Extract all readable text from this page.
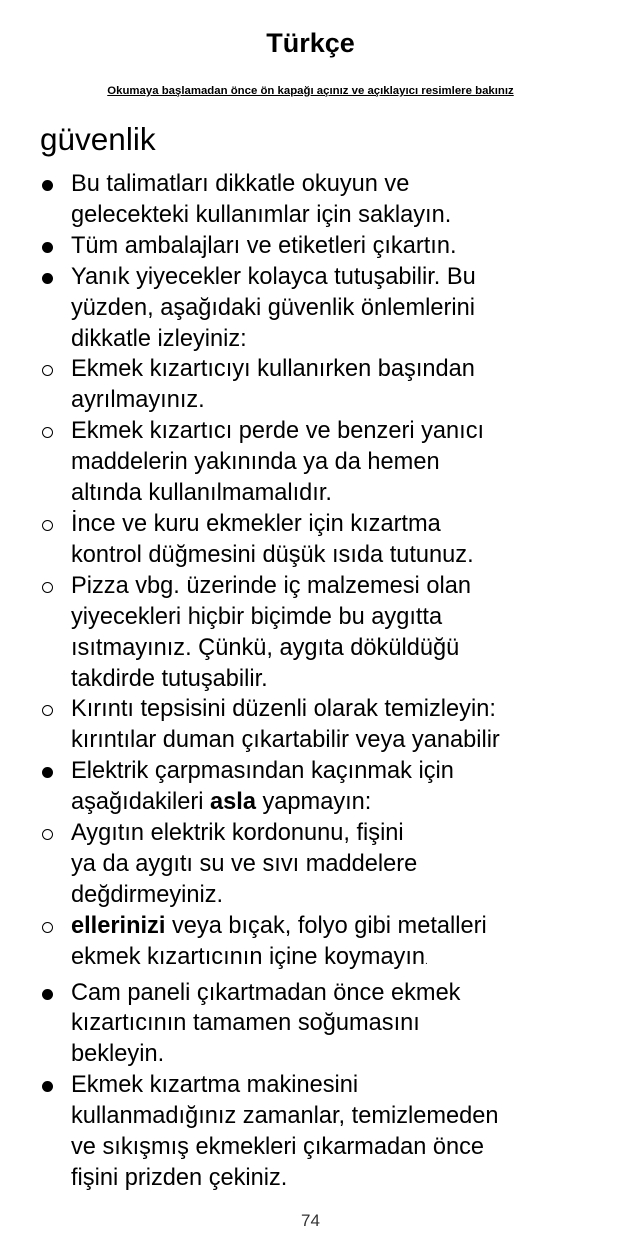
Türkçe
Okumaya başlamadan önce ön kapağı açınız ve açıklayıcı resimlere bakınız
güvenlik
Bu talimatları dikkatle okuyun ve
gelecekteki kullanımlar için saklayın.
Tüm ambalajları ve etiketleri çıkartın.
Yanık yiyecekler kolayca tutuşabilir. Bu
yüzden, aşağıdaki güvenlik önlemlerini
dikkatle izleyiniz:
Ekmek kızartıcıyı kullanırken başından
ayrılmayınız.
Ekmek kızartıcı perde ve benzeri yanıcı
maddelerin yakınında ya da hemen
altında kullanılmamalıdır.
İnce ve kuru ekmekler için kızartma
kontrol düğmesini düşük ısıda tutunuz.
Pizza vbg. üzerinde iç malzemesi olan
yiyecekleri hiçbir biçimde bu aygıtta
ısıtmayınız. Çünkü, aygıta döküldüğü
takdirde tutuşabilir.
Kırıntı tepsisini düzenli olarak temizleyin:
kırıntılar duman çıkartabilir veya yanabilir
Elektrik çarpmasından kaçınmak için
aşağıdakileri asla yapmayın:
Aygıtın elektrik kordonunu, fişini
ya da aygıtı su ve sıvı maddelere
değdirmeyiniz.
ellerinizi veya bıçak, folyo gibi metalleri
ekmek kızartıcının içine koymayın.
Cam paneli çıkartmadan önce ekmek
kızartıcının tamamen soğumasını
bekleyin.
Ekmek kızartma makinesini
kullanmadığınız zamanlar, temizlemeden
ve sıkışmış ekmekleri çıkarmadan önce
fişini prizden çekiniz.
74
